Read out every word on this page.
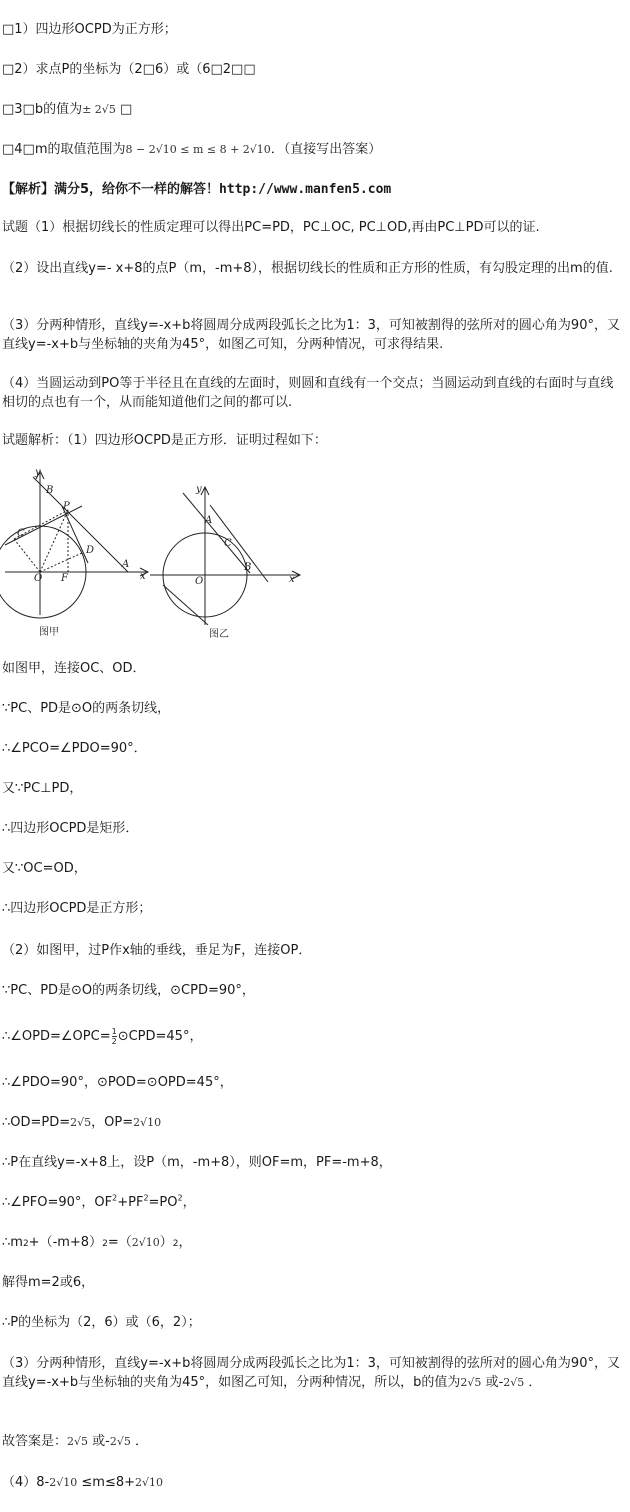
□1）四边形OCPD为正方形；
□2）求点P的坐标为（2□6）或（6□2□□
□3□b的值为± 2√5 □
□4□m的取值范围为8 − 2√10 ≤ m ≤ 8 + 2√10．（直接写出答案）
【解析】满分5，给你不一样的解答！http://www.manfen5.com
试题（1）根据切线长的性质定理可以得出PC=PD，PC⊥OC, PC⊥OD,再由PC⊥PD可以的证.
（2）设出直线y=- x+8的点P（m，-m+8），根据切线长的性质和正方形的性质，有勾股定理的出m的值.
（3）分两种情形，直线y=-x+b将圆周分成两段弧长之比为1：3，可知被割得的弦所对的圆心角为90°，又直线y=-x+b与坐标轴的夹角为45°，如图乙可知，分两种情况，可求得结果.
（4）当圆运动到PO等于半径且在直线的左面时，则圆和直线有一个交点；当圆运动到直线的右面时与直线相切的点也有一个，从而能知道他们之间的都可以.
试题解析：（1）四边形OCPD是正方形．证明过程如下：
y
B
P
C
D
A
x
O F
图甲
y
A
C
B
O	x
图乙
如图甲，连接OC、OD．
∵PC、PD是⊙O的两条切线，
∴∠PCO=∠PDO=90°．
又∵PC⊥PD，
∴四边形OCPD是矩形．
又∵OC=OD，
∴四边形OCPD是正方形；
（2）如图甲，过P作x轴的垂线，垂足为F，连接OP．
∵PC、PD是⊙O的两条切线，⊙CPD=90°，
∴∠OPD=∠OPC= $\frac{1}{2}$ ⊙CPD=45°，
∴∠PDO=90°，⊙POD=⊙OPD=45°，
∴OD=PD=2√5，OP=2√10
∴P在直线y=-x+8上，设P（m，-m+8），则OF=m，PF=-m+8，
∴∠PFO=90°，$OF^2+PF^2=PO^2$，
∴m2+（-m+8）2=（2√10）2，
解得m=2或6，
∴P的坐标为（2，6）或（6，2）；
（3）分两种情形，直线y=-x+b将圆周分成两段弧长之比为1：3，可知被割得的弦所对的圆心角为90°，又直线y=-x+b与坐标轴的夹角为45°，如图乙可知，分两种情况，所以，b的值为2√5 或-2√5 ．
故答案是：2√5 或-2√5 ．
（4）8-2√10 ≤m≤8+2√10
